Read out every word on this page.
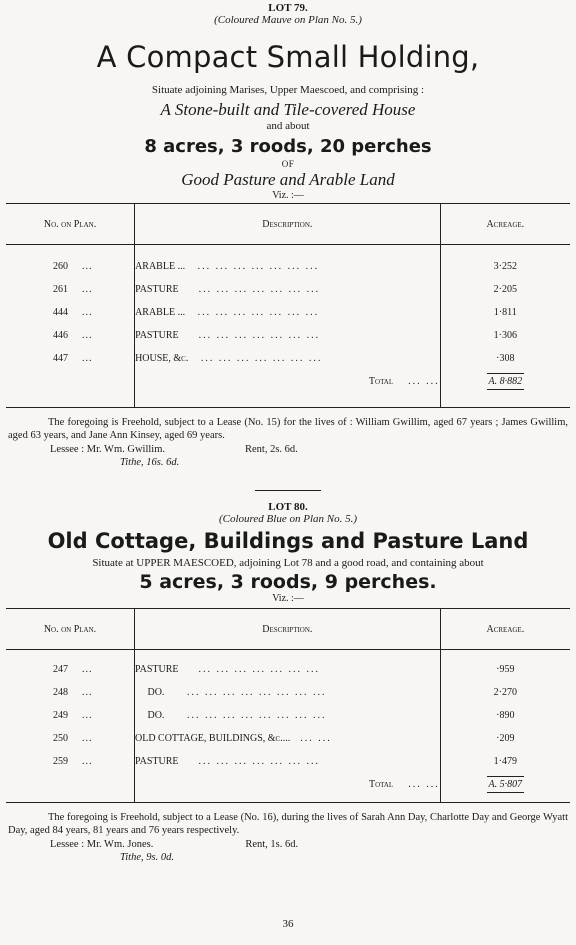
LOT 79.

(Coloured Mauve on Plan No. 5.)

A Compact Small Holding,

Situate adjoining Marises, Upper Maescoed, and comprising :

A Stone-built and Tile-covered House

and about

8 acres, 3 roods, 20 perches

OF

Good Pasture and Arable Land

Viz. :—

No. on Plan.	Description.	Acreage.

260 ...	ARABLE ... ... ... ... ... ... ... ...	3·252
261 ...	PASTURE ... ... ... ... ... ... ...	2·205
444 ...	ARABLE ... ... ... ... ... ... ... ...	1·811
446 ...	PASTURE ... ... ... ... ... ... ...	1·306
447 ...	HOUSE, &c. ... ... ... ... ... ... ...	·308
	Total ... ...	A. 8·882

The foregoing is Freehold, subject to a Lease (No. 15) for the lives of : William Gwillim, aged 67 years ; James Gwillim, aged 63 years, and Jane Ann Kinsey, aged 69 years.

Lessee : Mr. Wm. Gwillim.	Rent, 2s. 6d.

Tithe, 16s. 6d.

LOT 80.

(Coloured Blue on Plan No. 5.)

Old Cottage, Buildings and Pasture Land

Situate at UPPER MAESCOED, adjoining Lot 78 and a good road, and containing about

5 acres, 3 roods, 9 perches.

Viz. :—

No. on Plan.	Description.	Acreage.

247 ...	PASTURE ... ... ... ... ... ... ...	·959
248 ...	DO. ... ... ... ... ... ... ... ...	2·270
249 ...	DO. ... ... ... ... ... ... ... ...	·890
250 ...	OLD COTTAGE, BUILDINGS, &c.... ... ...	·209
259 ...	PASTURE ... ... ... ... ... ... ...	1·479
	Total ... ...	A. 5·807

The foregoing is Freehold, subject to a Lease (No. 16), during the lives of Sarah Ann Day, Charlotte Day and George Wyatt Day, aged 84 years, 81 years and 76 years respectively.

Lessee : Mr. Wm. Jones.	Rent, 1s. 6d.

Tithe, 9s. 0d.

36
